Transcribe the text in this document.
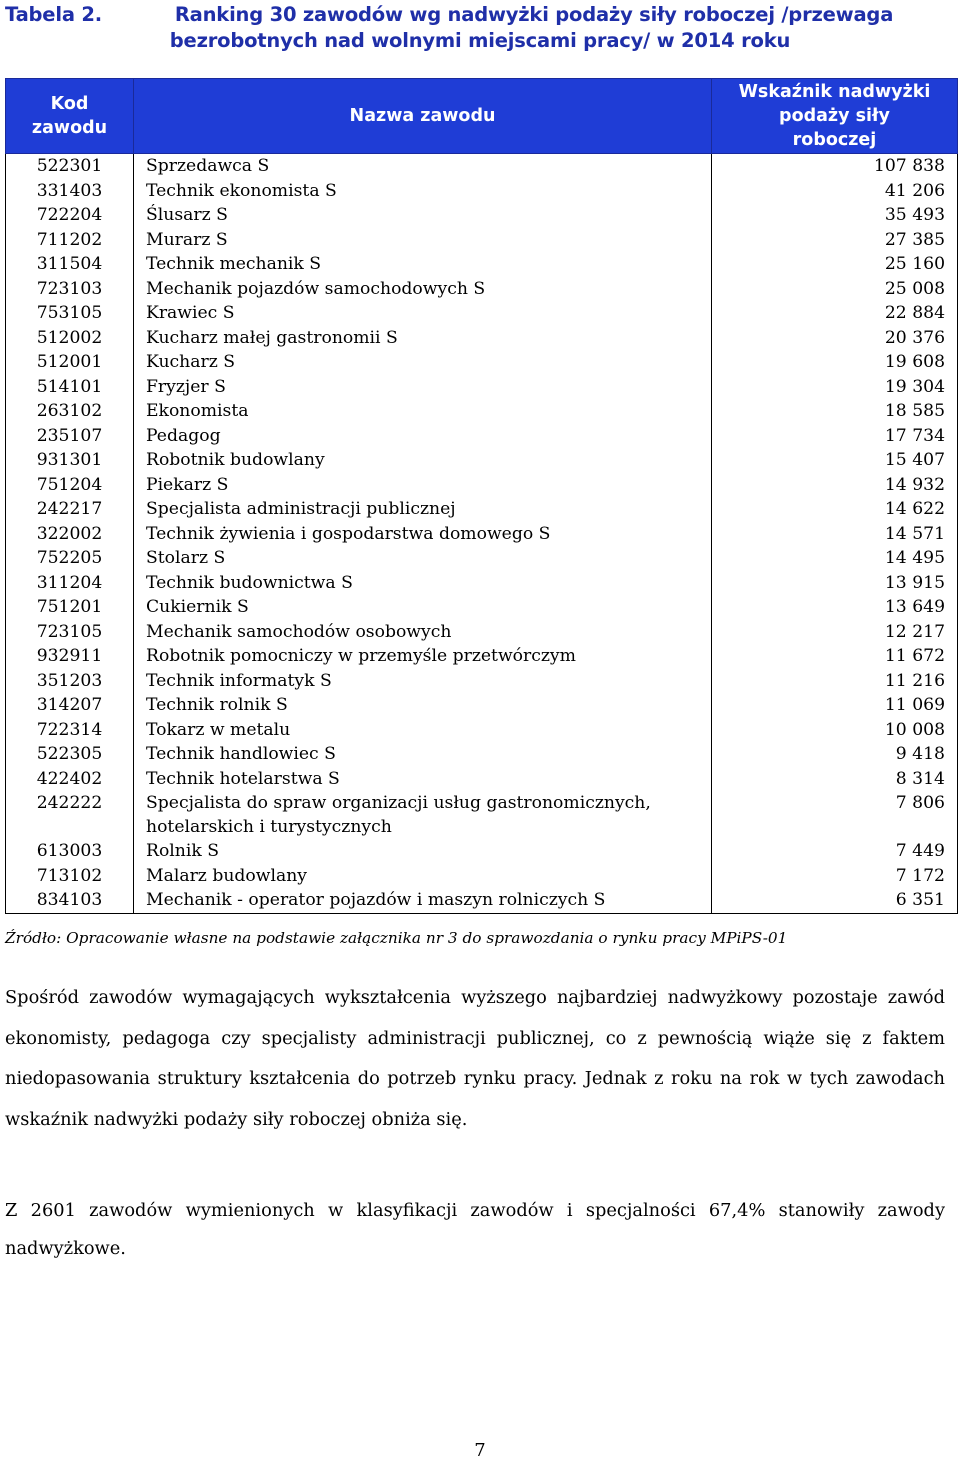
Tabela 2.	Ranking 30 zawodów wg nadwyżki podaży siły roboczej /przewaga bezrobotnych nad wolnymi miejscami pracy/ w 2014 roku
Kod zawodu	Nazwa zawodu	Wskaźnik nadwyżki podaży siły roboczej
522301	Sprzedawca S	107 838
331403	Technik ekonomista S	41 206
722204	Ślusarz S	35 493
711202	Murarz S	27 385
311504	Technik mechanik S	25 160
723103	Mechanik pojazdów samochodowych S	25 008
753105	Krawiec S	22 884
512002	Kucharz małej gastronomii S	20 376
512001	Kucharz S	19 608
514101	Fryzjer S	19 304
263102	Ekonomista	18 585
235107	Pedagog	17 734
931301	Robotnik budowlany	15 407
751204	Piekarz S	14 932
242217	Specjalista administracji publicznej	14 622
322002	Technik żywienia i gospodarstwa domowego S	14 571
752205	Stolarz S	14 495
311204	Technik budownictwa S	13 915
751201	Cukiernik S	13 649
723105	Mechanik samochodów osobowych	12 217
932911	Robotnik pomocniczy w przemyśle przetwórczym	11 672
351203	Technik informatyk S	11 216
314207	Technik rolnik S	11 069
722314	Tokarz w metalu	10 008
522305	Technik handlowiec S	9 418
422402	Technik hotelarstwa S	8 314
242222	Specjalista do spraw organizacji usług gastronomicznych, hotelarskich i turystycznych	7 806
613003	Rolnik S	7 449
713102	Malarz budowlany	7 172
834103	Mechanik - operator pojazdów i maszyn rolniczych S	6 351
Źródło: Opracowanie własne na podstawie załącznika nr 3 do sprawozdania o rynku pracy MPiPS-01
Spośród zawodów wymagających wykształcenia wyższego najbardziej nadwyżkowy pozostaje zawód ekonomisty, pedagoga czy specjalisty administracji publicznej, co z pewnością wiąże się z faktem niedopasowania struktury kształcenia do potrzeb rynku pracy. Jednak z roku na rok w tych zawodach wskaźnik nadwyżki podaży siły roboczej obniża się.
Z 2601 zawodów wymienionych w klasyfikacji zawodów i specjalności 67,4% stanowiły zawody nadwyżkowe.
7
